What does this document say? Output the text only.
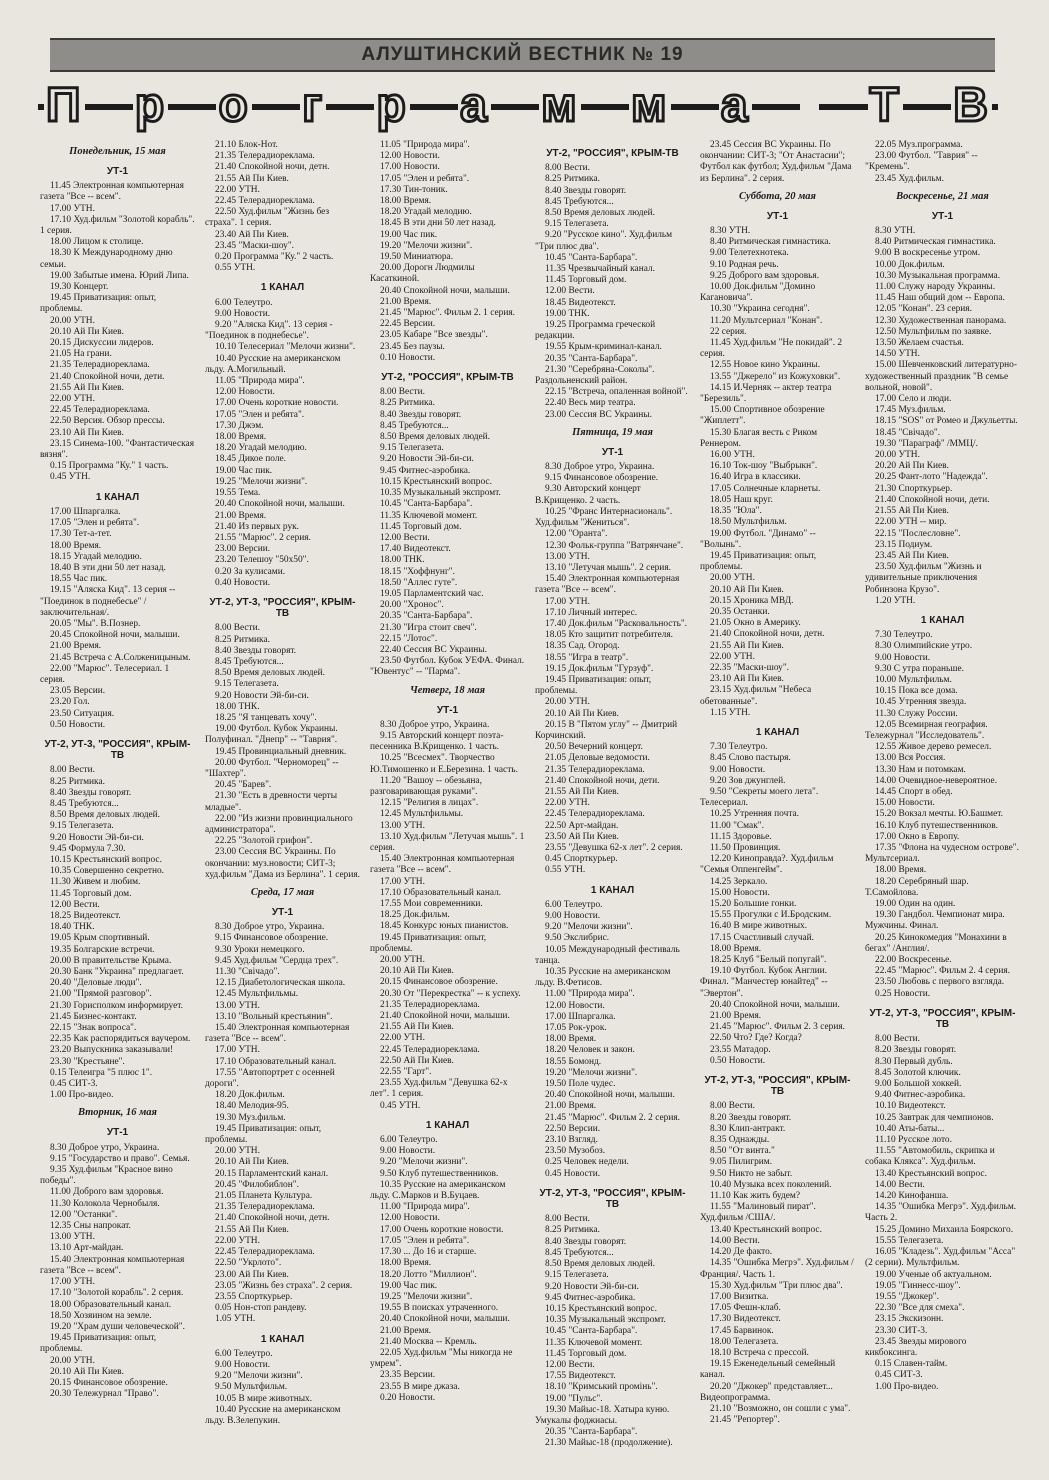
АЛУШТИНСКИЙ ВЕСТНИК № 19
П р о г р а м м а
	Т В
Понедельник, 15 мая
УТ-1

11.45 Электронная компьютерная газета "Все -- всем".

17.00 УТН.

17.10 Худ.фильм "Золотой корабль". 1 серия.

18.00 Лицом к столице.

18.30 К Международному дню семьи.

19.00 Забытые имена. Юрий Липа.

19.30 Концерт.

19.45 Приватизация: опыт, проблемы.

20.00 УТН.

20.10 Ай Пи Киев.

20.15 Дискуссии лидеров.

21.05 На грани.

21.35 Телерадиореклама.

21.40 Спокойной ночи, дети.

21.55 Ай Пи Киев.

22.00 УТН.

22.45 Телерадиореклама.

22.50 Версия. Обзор прессы.

23.10 Ай Пи Киев.

23.15 Синема-100. "Фантастическая вязня".

0.15 Программа "Ку." 1 часть.

0.45 УТН.

1 КАНАЛ

17.00 Шпаргалка.

17.05 "Элен и ребята".

17.30 Тет-а-тет.

18.00 Время.

18.15 Угадай мелодию.

18.40 В эти дни 50 лет назад.

18.55 Час пик.

19.15 "Аляска Кид". 13 серия -- "Поединок в поднебесье" /заключительная/.

20.05 "Мы". В.Познер.

20.45 Спокойной ночи, малыши.

21.00 Время.

21.45 Встреча с А.Солженицыным.

22.00 "Марюс". Телесериал. 1 серия.

23.05 Версии.

23.20 Гол.

23.50 Ситуация.

0.50 Новости.

УТ-2, УТ-3, "РОССИЯ", КРЫМ-ТВ

8.00 Вести.

8.25 Ритмика.

8.40 Звезды говорят.

8.45 Требуются...

8.50 Время деловых людей.

9.15 Телегазета.

9.20 Новости Эй-би-си.

9.45 Формула 7.30.

10.15 Крестьянский вопрос.

10.35 Совершенно секретно.

11.30 Живем и любим.

11.45 Торговый дом.

12.00 Вести.

18.25 Видеотекст.

18.40 ТНК.

19.05 Крым спортивный.

19.35 Болгарские встречи.

20.00 В правительстве Крыма.

20.30 Банк "Украина" предлагает.

20.40 "Деловые люди".

21.00 "Прямой разговор".

21.30 Горисполком информирует.

21.45 Бизнес-контакт.

22.15 "Знак вопроса".

22.35 Как распорядиться ваучером.

23.20 Выпускника заказывали!

23.30 "Крестьяне".

0.15 Телеигра "5 плюс 1".

0.45 СИТ-3.

1.00 Про-видео.

Вторник, 16 мая
УТ-1

8.30 Доброе утро, Украина.

9.15 "Государство и право". Семья.

9.35 Худ.фильм "Красное вино победы".

11.00 Доброго вам здоровья.

11.30 Колокола Чернобыля.

12.00 "Останки".

12.35 Сны напрокат.

13.00 УТН.

13.10 Арт-майдан.

15.40 Электронная компьютерная газета "Все -- всем".

17.00 УТН.

17.10 "Золотой корабль". 2 серия.

18.00 Образовательный канал.

18.50 Хозяином на земле.

19.20 "Храм души человеческой".

19.45 Приватизация: опыт, проблемы.

20.00 УТН.

20.10 Ай Пи Киев.

20.15 Финансовое обозрение.

20.30 Тележурнал "Право".

21.10 Блок-Нот.

21.35 Телерадиореклама.

21.40 Спокойной ночи, детн.

21.55 Ай Пи Киев.

22.00 УТН.

22.45 Телерадиореклама.

22.50 Худ.фильм "Жизнь без страха". 1 серия.

23.40 Ай Пи Киев.

23.45 "Маски-шоу".

0.20 Программа "Ку." 2 часть.

0.55 УТН.

1 КАНАЛ

6.00 Телеутро.

9.00 Новости.

9.20 "Аляска Кид". 13 серия - "Поединок в поднебесье".

10.10 Телесериал "Мелочи жизни".

10.40 Русские на американском льду. А.Могильный.

11.05 "Природа мира".

12.00 Новости.

17.00 Очень короткие новости.

17.05 "Элен и ребята".

17.30 Джэм.

18.00 Время.

18.20 Угадай мелодию.

18.45 Дикое поле.

19.00 Час пик.

19.25 "Мелочи жизни".

19.55 Тема.

20.40 Спокойной ночи, малыши.

21.00 Время.

21.40 Из первых рук.

21.55 "Марюс". 2 серия.

23.00 Версии.

23.20 Телешоу "50х50".

0.20 За кулисами.

0.40 Новости.

УТ-2, УТ-3, "РОССИЯ", КРЫМ-ТВ

8.00 Вести.

8.25 Ритмика.

8.40 Звезды говорят.

8.45 Требуются...

8.50 Время деловых людей.

9.15 Телегазета.

9.20 Новости Эй-би-си.

18.00 ТНК.

18.25 "Я танцевать хочу".

19.00 Футбол. Кубок Украины. Полуфинал. "Днепр" -- "Таврия".

19.45 Провинциальный дневник.

20.00 Футбол. "Черноморец" -- "Шахтер".

20.45 "Барев".

21.30 "Есть в древности черты младые".

22.00 "Из жизни провинциального администратора".

22.25 "Золотой грифон".

23.00 Сессия ВС Украины. По окончании: муз.новости; СИТ-3; худ.фильм "Дама из Берлина". 1 серия.

Среда, 17 мая
УТ-1

8.30 Доброе утро, Украина.

9.15 Финансовое обозрение.

9.30 Уроки немецкого.

9.45 Худ.фильм "Сердца трех".

11.30 "Свічадо".

12.15 Диабетологическая школа.

12.45 Мультфильмы.

13.00 УТН.

13.10 "Вольный крестьянин".

15.40 Электронная компьютерная газета "Все -- всем".

17.00 УТН.

17.10 Образовательный канал.

17.55 "Автопортрет с осенней дороги".

18.20 Док.фильм.

18.40 Мелодия-95.

19.30 Муз.фильм.

19.45 Приватизация: опыт, проблемы.

20.00 УТН.

20.10 Ай Пи Киев.

20.15 Парламентский канал.

20.45 "Филобиблон".

21.05 Планета Культура.

21.35 Телерадиореклама.

21.40 Спокойной ночи, детн.

21.55 Ай Пи Киев.

22.00 УТН.

22.45 Телерадиореклама.

22.50 "Укрлото".

23.00 Ай Пи Киев.

23.05 "Жизнь без страха". 2 серия.

23.55 Спорткурьер.

0.05 Нон-стоп рандеву.

1.05 УТН.

1 КАНАЛ

6.00 Телеутро.

9.00 Новости.

9.20 "Мелочи жизни".

9.50 Мультфильм.

10.05 В мире животных.

10.40 Русские на американском льду. В.Зелепукин.

11.05 "Природа мира".

12.00 Новости.

17.00 Новости.

17.05 "Элен и ребята".

17.30 Тин-тоник.

18.00 Время.

18.20 Угадай мелодию.

18.45 В эти дни 50 лет назад.

19.00 Час пик.

19.20 "Мелочи жизни".

19.50 Миниатюра.

20.00 Дорогн Людмилы Касаткиной.

20.40 Спокойной ночи, малыши.

21.00 Время.

21.45 "Марюс". Фильм 2. 1 серия.

22.45 Версии.

23.05 Кабаре "Все звезды".

23.45 Без паузы.

0.10 Новости.

УТ-2, "РОССИЯ", КРЫМ-ТВ

8.00 Вести.

8.25 Ритмика.

8.40 Звезды говорят.

8.45 Требуются...

8.50 Время деловых людей.

9.15 Телегазета.

9.20 Новости Эй-би-си.

9.45 Фитнес-аэробика.

10.15 Крестьянский вопрос.

10.35 Музыкальный экспромт.

10.45 "Санта-Барбара".

11.35 Ключевой момент.

11.45 Торговый дом.

12.00 Вести.

17.40 Видеотекст.

18.00 ТНК.

18.15 "Хоффнунг".

18.50 "Аллес гуте".

19.05 Парламентский час.

20.00 "Хронос".

20.35 "Санта-Барбара".

21.30 "Игра стоит свеч".

22.15 "Лотос".

22.40 Сессия ВС Украины.

23.50 Футбол. Кубок УЕФА. Финал. "Ювентус" -- "Парма".

Четверг, 18 мая
УТ-1

8.30 Доброе утро, Украина.

9.15 Авторский концерт поэта-песенника В.Крищенко. 1 часть.

10.25 "Всесмех". Творчество Ю.Тимошенко и Е.Березина. 1 часть.

11.20 "Вашоу -- обезьяна, разговаривающая руками".

12.15 "Религия в лицах".

12.45 Мультфильмы.

13.00 УТН.

13.10 Худ.фильм "Летучая мышь". 1 серия.

15.40 Электронная компьютерная газета "Все -- всем".

17.00 УТН.

17.10 Образовательный канал.

17.55 Мои современники.

18.25 Док.фильм.

18.45 Конкурс юных пианистов.

19.45 Приватизация: опыт, проблемы.

20.00 УТН.

20.10 Ай Пи Киев.

20.15 Финансовое обозрение.

20.30 От "Перекрестка" -- к успеху.

21.35 Телерадиореклама.

21.40 Спокойной ночи, малыши.

21.55 Ай Пи Киев.

22.00 УТН.

22.45 Телерадиореклама.

22.50 Ай Пи Киев.

22.55 "Гарт".

23.55 Худ.фильм "Девушка 62-х лет". 1 серия.

0.45 УТН.

1 КАНАЛ

6.00 Телеутро.

9.00 Новости.

9.20 "Мелочи жизни".

9.50 Клуб путешественников.

10.35 Русские на американском льду. С.Марков и В.Буцаев.

11.00 "Природа мира".

12.00 Новости.

17.00 Очень короткие новости.

17.05 "Элен и ребята".

17.30 ... До 16 и старше.

18.00 Время.

18.20 Лотто "Миллион".

19.00 Час пик.

19.25 "Мелочи жизни".

19.55 В поисках утраченного.

20.40 Спокойной ночи, малыши.

21.00 Время.

21.40 Москва -- Кремль.

22.05 Худ.фильм "Мы никогда не умрем".

23.35 Версии.

23.55 В мире джаза.

0.20 Новости.

УТ-2, "РОССИЯ", КРЫМ-ТВ

8.00 Вести.

8.25 Ритмика.

8.40 Звезды говорят.

8.45 Требуются...

8.50 Время деловых людей.

9.15 Телегазета.

9.20 "Русское кино". Худ.фильм "Три плюс два".

10.45 "Санта-Барбара".

11.35 Чрезвычайный канал.

11.45 Торговый дом.

12.00 Вести.

18.45 Видеотекст.

19.00 ТНК.

19.25 Программа греческой редакции.

19.55 Крым-криминал-канал.

20.35 "Санта-Барбара".

21.30 "Серебряна-Соколы". Раздольненский район.

22.15 "Встреча, опаленная войной".

22.40 Весь мир театра.

23.00 Сессия ВС Украины.

Пятница, 19 мая
УТ-1

8.30 Доброе утро, Украина.

9.15 Финансовое обозрение.

9.30 Авторский концерт В.Крищенко. 2 часть.

10.25 "Франс Интернасиональ". Худ.фильм "Жениться".

12.00 "Оранта".

12.30 Фольк-группа "Ватрянчане".

13.00 УТН.

13.10 "Летучая мышь". 2 серия.

15.40 Электронная компьютерная газета "Все -- всем".

17.00 УТН.

17.10 Личный интерес.

17.40 Док.фильм "Расковальность".

18.05 Кто защитит потребителя.

18.35 Сад. Огород.

18.55 "Игра в театр".

19.15 Док.фильм "Гурзуф".

19.45 Приватизация: опыт, проблемы.

20.00 УТН.

20.10 Ай Пи Киев.

20.15 В "Пятом углу" -- Дмитрий Корчинский.

20.50 Вечерний концерт.

21.05 Деловые ведомости.

21.35 Телерадиореклама.

21.40 Спокойной ночи, дети.

21.55 Ай Пи Киев.

22.00 УТН.

22.45 Телерадиореклама.

22.50 Арт-майдан.

23.50 Ай Пи Киев.

23.55 "Девушка 62-х лет". 2 серия.

0.45 Спорткурьер.

0.55 УТН.

1 КАНАЛ

6.00 Телеутро.

9.00 Новости.

9.20 "Мелочи жизни".

9.50 Экслибрис.

10.05 Международный фестиваль танца.

10.35 Русские на американском льду. В.Фетисов.

11.00 "Природа мира".

12.00 Новости.

17.00 Шпаргалка.

17.05 Рок-урок.

18.00 Время.

18.20 Человек и закон.

18.55 Бомонд.

19.20 "Мелочи жизни".

19.50 Поле чудес.

20.40 Спокойной ночи, малыши.

21.00 Время.

21.45 "Марюс". Фильм 2. 2 серия.

22.50 Версии.

23.10 Взгляд.

23.50 Музобоз.

0.25 Человек недели.

0.45 Новости.

УТ-2, УТ-3, "РОССИЯ", КРЫМ-ТВ

8.00 Вести.

8.25 Ритмика.

8.40 Звезды говорят.

8.45 Требуются...

8.50 Время деловых людей.

9.15 Телегазета.

9.20 Новости Эй-би-си.

9.45 Фитнес-аэробика.

10.15 Крестьянский вопрос.

10.35 Музыкальный экспромт.

10.45 "Санта-Барбара".

11.35 Ключевой момент.

11.45 Торговый дом.

12.00 Вести.

17.55 Видеотекст.

18.10 "Кримський промінь".

19.00 "Пульс".

19.30 Майыс-18. Хатыра куню. Умукалы фоджиасы.

20.35 "Санта-Барбара".

21.30 Майыс-18 (продолжение).

23.45 Сессия ВС Украины. По окончании: СИТ-3; "От Анастасии"; Футбол как футбол; Худ.фильм "Дама из Берлина". 2 серия.

Суббота, 20 мая
УТ-1

8.30 УТН.

8.40 Ритмическая гимнастика.

9.00 Телетехнотека.

9.10 Родная речь.

9.25 Доброго вам здоровья.

10.00 Док.фильм "Домино Кагановича".

10.30 "Украина сегодня".

11.20 Мультсериал "Конан".

22 серия.

11.45 Худ.фильм "Не покидай". 2 серия.

12.55 Новое кино Украины.

13.55 "Джерело" из Кожуховки".

14.15 И.Черняк -- актер театра "Березиль".

15.00 Спортивное обозрение "Жиплетт".

15.30 Благая весть с Риком Реннером.

16.00 УТН.

16.10 Ток-шоу "Выбрыкн".

16.40 Игра в классики.

17.05 Солнечные кларнеты.

18.05 Наш круг.

18.35 "Юла".

18.50 Мультфильм.

19.00 Футбол. "Динамо" -- "Волынь".

19.45 Приватизация: опыт, проблемы.

20.00 УТН.

20.10 Ай Пи Киев.

20.15 Хроника МВД.

20.35 Останки.

21.05 Окно в Америку.

21.40 Спокойной ночи, детн.

21.55 Ай Пи Киев.

22.00 УТН.

22.35 "Маски-шоу".

23.10 Ай Пи Киев.

23.15 Худ.фильм "Небеса обетованные".

1.15 УТН.

1 КАНАЛ

7.30 Телеутро.

8.45 Слово пастыря.

9.00 Новости.

9.20 Зов джунглей.

9.50 "Секреты моего лета". Телесериал.

10.25 Утренняя почта.

11.00 "Смак".

11.15 Здоровье.

11.50 Провинция.

12.20 Кинoправда?. Худ.фильм "Семья Оппенгейм".

14.25 Зеркало.

15.00 Новости.

15.20 Большие гонки.

15.55 Прогулки с И.Бродским.

16.40 В мире животных.

17.15 Счастливый случай.

18.00 Время.

18.25 Клуб "Белый попугай".

19.10 Футбол. Кубок Англии. Финал. "Манчестер юнайтед" -- "Эвертон".

20.40 Спокойной ночи, малыши.

21.00 Время.

21.45 "Марюс". Фильм 2. 3 серия.

22.50 Что? Где? Когда?

23.55 Матадор.

0.50 Новости.

УТ-2, УТ-3, "РОССИЯ", КРЫМ-ТВ

8.00 Вести.

8.20 Звезды говорят.

8.30 Клип-антракт.

8.35 Однажды.

8.50 "От винта."

9.05 Пилигрим.

9.50 Никто не забыт.

10.40 Музыка всех поколений.

11.10 Как жить будем?

11.55 "Малиновый пират". Худ.фильм /США/.

13.40 Крестьянский вопрос.

14.00 Вести.

14.20 Де факто.

14.35 "Ошибка Мегрэ". Худ.фильм /Франция/. Часть 1.

15.30 Худ.фильм "Три плюс два".

17.00 Визитка.

17.05 Фешн-клаб.

17.30 Видеотекст.

17.45 Барвинок.

18.00 Телегазета.

18.10 Встреча с прессой.

19.15 Еженедельный семейный канал.

20.20 "Джокер" представляет... Видеопрограмма.

21.10 "Возможно, он сошли с ума".

21.45 "Репортер".

22.05 Муз.программа.

23.00 Футбол. "Таврия" -- "Кремень".

23.45 Худ.фильм.

Воскресенье, 21 мая
УТ-1

8.30 УТН.

8.40 Ритмическая гимнастика.

9.00 В воскресенье утром.

10.00 Док.фильм.

10.30 Музыкальная программа.

11.00 Служу народу Украины.

11.45 Наш общий дом -- Европа.

12.05 "Конан". 23 серия.

12.30 Художественная панорама.

12.50 Мультфильм по заявке.

13.50 Желаем счастья.

14.50 УТН.

15.00 Шевченковский литературно-художественный праздник "В семье вольной, новой".

17.00 Село и люди.

17.45 Муз.фильм.

18.15 "SOS" от Ромео и Джульетты.

18.45 "Свічадо".

19.30 "Параграф" /ММЦ/.

20.00 УТН.

20.20 Ай Пи Киев.

20.25 Фант-лото "Надежда".

21.30 Спорткурьер.

21.40 Спокойной ночи, дети.

21.55 Ай Пи Киев.

22.00 УТН -- мир.

22.15 "Послесловне".

23.15 Подиум.

23.45 Ай Пи Киев.

23.50 Худ.фильм "Жизнь и удивительные приключения Робинзона Крузо".

1.20 УТН.

1 КАНАЛ

7.30 Телеутро.

8.30 Олимпийские утро.

9.00 Новости.

9.30 С утра пораньше.

10.00 Мультфильм.

10.15 Пока все дома.

10.45 Утренняя звезда.

11.30 Служу России.

12.05 Всемирная география. Тележурнал "Исследователь".

12.55 Живое дерево ремесел.

13.00 Вся Россия.

13.30 Нам и потомкам.

14.00 Очевидное-невероятное.

14.45 Спорт в обед.

15.00 Новости.

15.20 Вокзал мечты. Ю.Башмет.

16.10 Клуб путешественников.

17.00 Окно в Европу.

17.35 "Флона на чудесном острове". Мультсериал.

18.00 Время.

18.20 Серебряный шар. Т.Самойлова.

19.00 Один на один.

19.30 Гандбол. Чемпионат мира. Мужчины. Финал.

20.25 Кинокомедия "Монахини в бегах" /Англия/.

22.00 Воскресенье.

22.45 "Марюс". Фильм 2. 4 серия.

23.50 Любовь с первого взгляда.

0.25 Новости.

УТ-2, УТ-3, "РОССИЯ", КРЫМ-ТВ

8.00 Вести.

8.20 Звезды говорят.

8.30 Первый дубль.

8.45 Золотой ключик.

9.00 Большой хоккей.

9.40 Фитнес-аэробика.

10.10 Видеотекст.

10.25 Завтрак для чемпионов.

10.40 Аты-баты...

11.10 Русское лото.

11.55 "Автомобиль, скрипка и собака Клякса". Худ.фильм.

13.40 Крестьянский вопрос.

14.00 Вести.

14.20 Кинофанша.

14.35 "Ошибка Мегрэ". Худ.фильм. Часть 2.

15.25 Домино Михаила Боярского.

15.55 Телегазета.

16.05 "Кладезь". Худ.фильм "Асса" (2 серии). Мультфильм.

19.00 Ученые об актуальном.

19.05 "Гиннесс-шоу".

19.55 "Джокер".

22.30 "Все для смеха".

23.15 Экскизонн.

23.30 СИТ-3.

23.45 Звезды мирового кикбоксинга.

0.15 Славен-тайм.

0.45 СИТ-3.

1.00 Про-видео.
